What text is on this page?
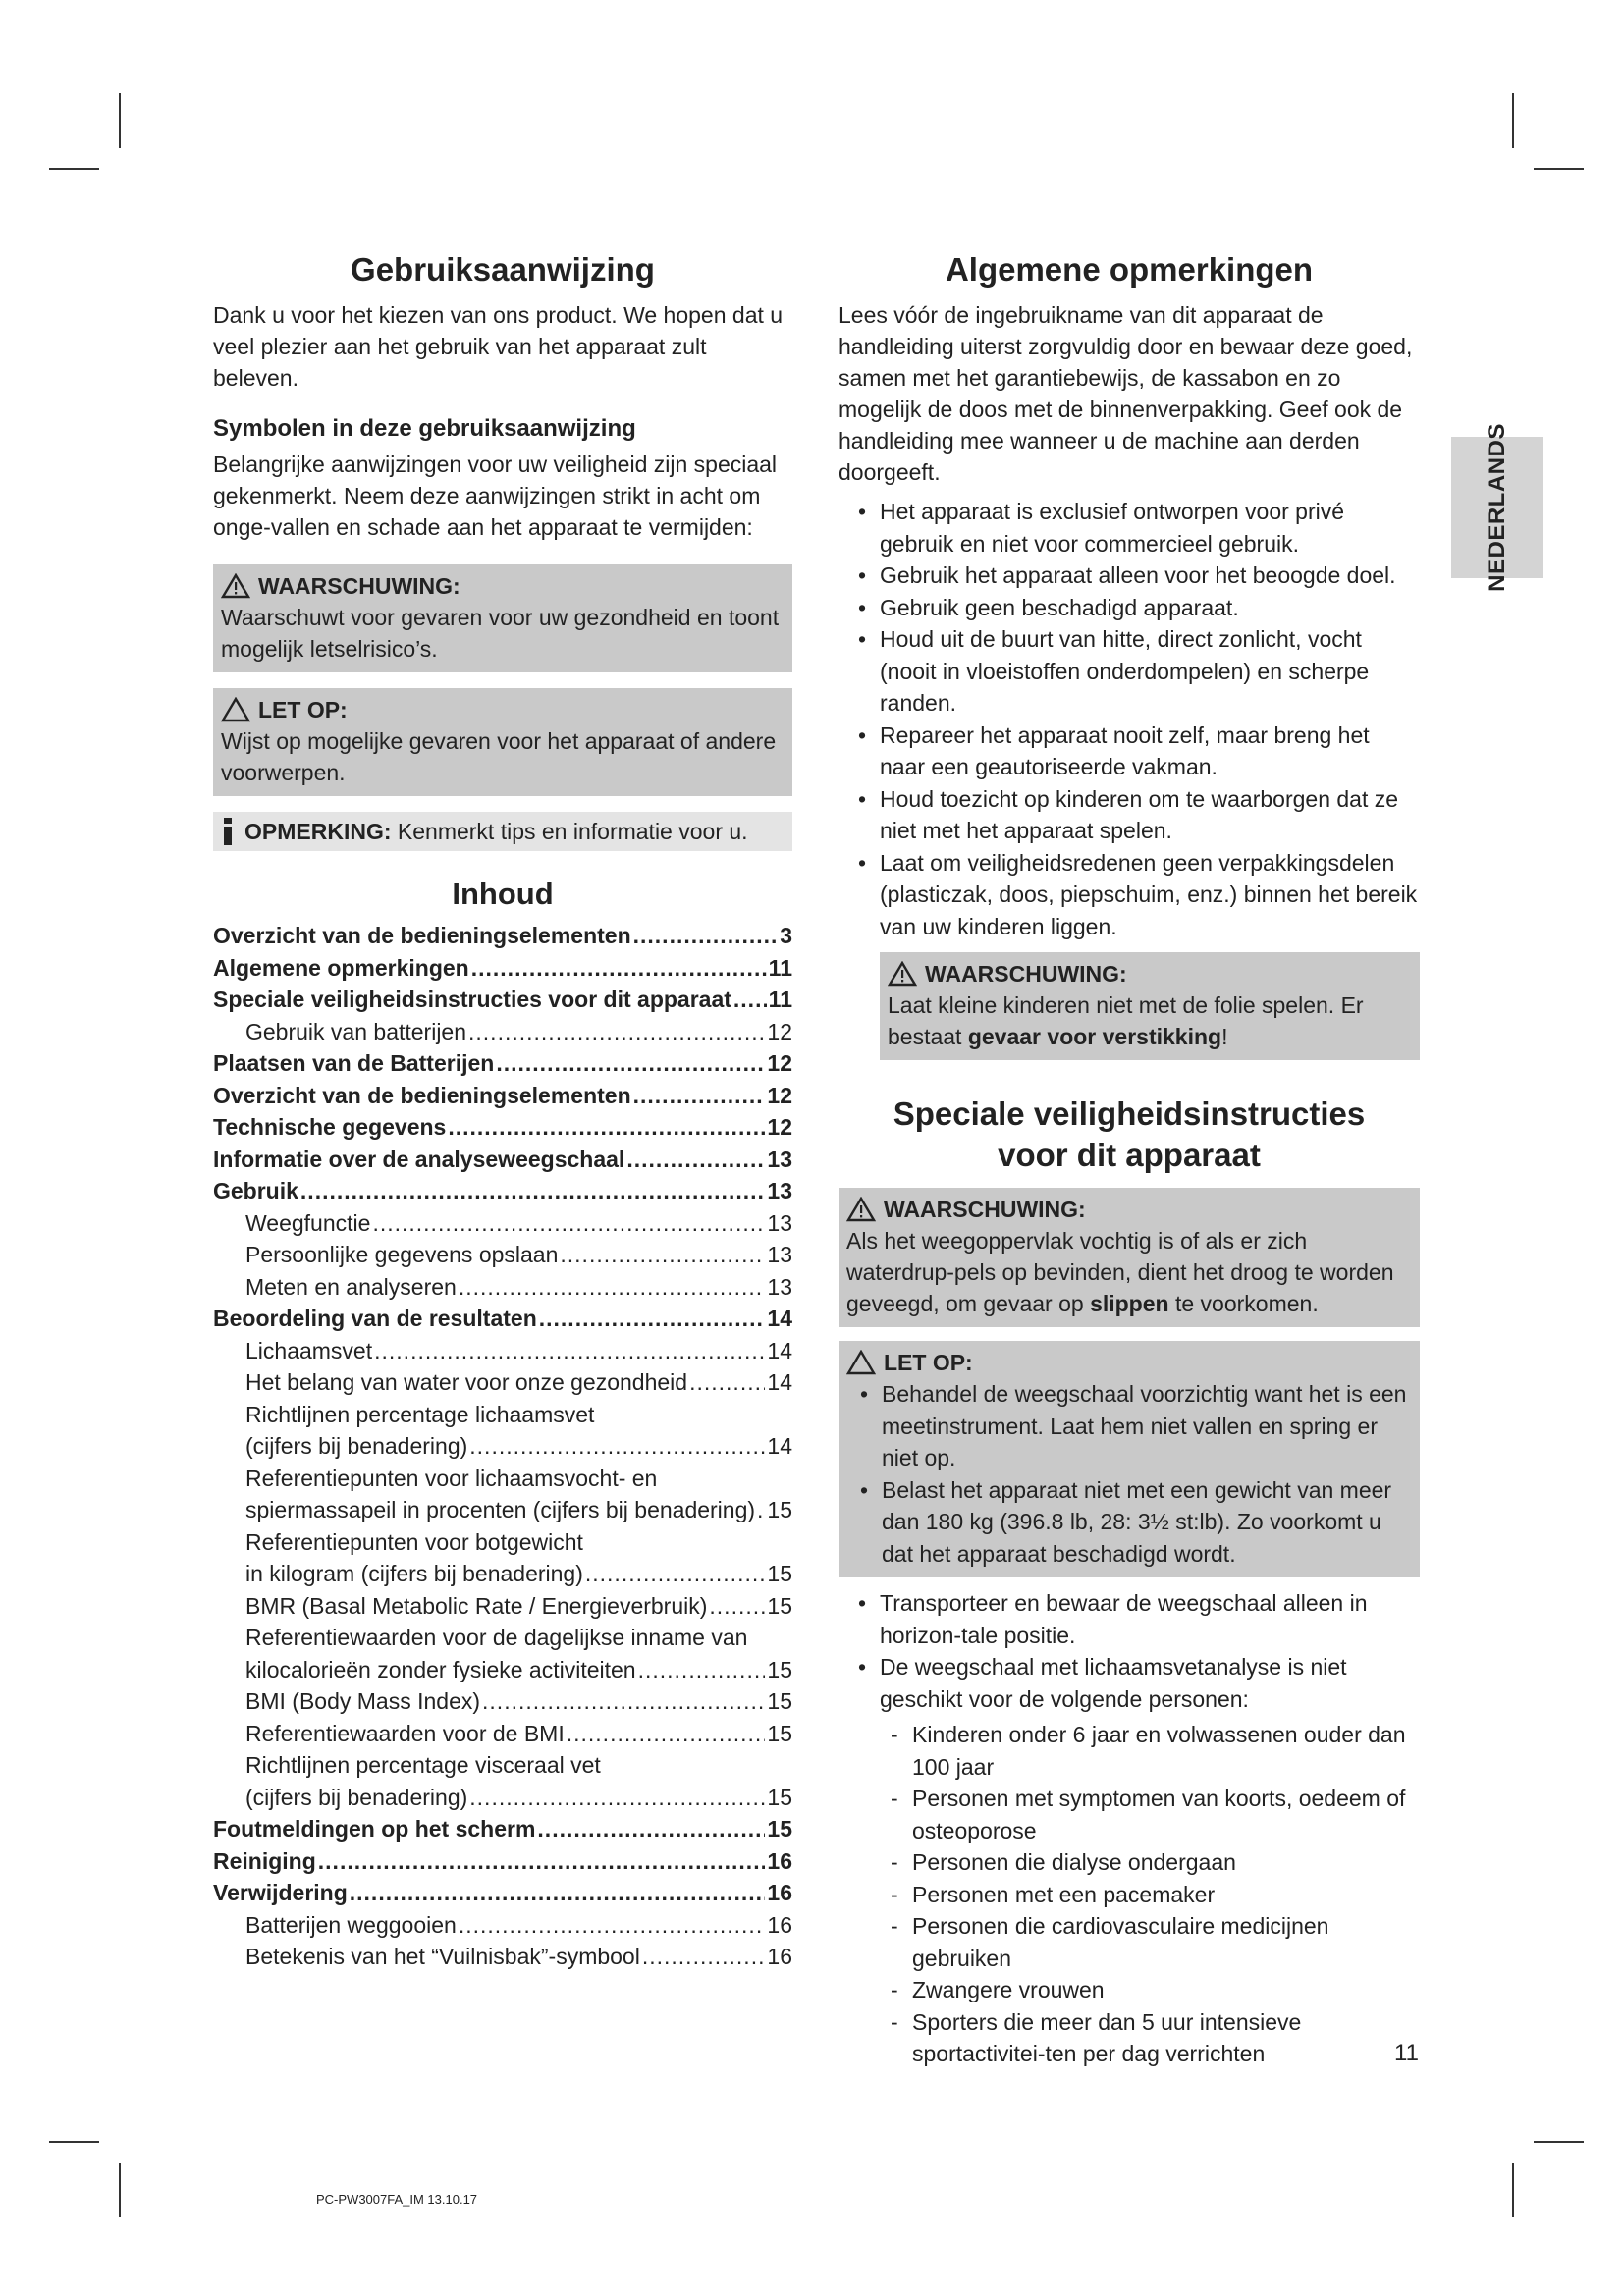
Gebruiksaanwijzing

Dank u voor het kiezen van ons product. We hopen dat u veel plezier aan het gebruik van het apparaat zult beleven.

Symbolen in deze gebruiksaanwijzing

Belangrijke aanwijzingen voor uw veiligheid zijn speciaal gekenmerkt. Neem deze aanwijzingen strikt in acht om onge-vallen en schade aan het apparaat te vermijden:

WAARSCHUWING:

Waarschuwt voor gevaren voor uw gezondheid en toont mogelijk letselrisico’s.

LET OP:

Wijst op mogelijke gevaren voor het apparaat of andere voorwerpen.

OPMERKING: Kenmerkt tips en informatie voor u.
Inhoud
Overzicht van de bedieningselementen .....	3
Algemene opmerkingen .....	11
Speciale veiligheidsinstructies voor dit apparaat ..... 11
Gebruik van batterijen .....	12
Plaatsen van de Batterijen .....	12
Overzicht van de bedieningselementen .....	12
Technische gegevens .....	12
Informatie over de analyseweegschaal .....	13
Gebruik .....	13
Weegfunctie .....	13
Persoonlijke gegevens opslaan .....	13
Meten en analyseren .....	13
Beoordeling van de resultaten .....	14
Lichaamsvet .....	14
Het belang van water voor onze gezondheid .....	14
Richtlijnen percentage lichaamsvet
(cijfers bij benadering) .....	14
Referentiepunten voor lichaamsvocht- en
spiermassapeil in procenten (cijfers bij benadering) ..... 15
Referentiepunten voor botgewicht
in kilogram (cijfers bij benadering) .....	15
BMR (Basal Metabolic Rate / Energieverbruik) .....	15
Referentiewaarden voor de dagelijkse inname van
kilocalorieën zonder fysieke activiteiten .....	15
BMI (Body Mass Index) .....	15
Referentiewaarden voor de BMI .....	15
Richtlijnen percentage visceraal vet
(cijfers bij benadering) .....	15
Foutmeldingen op het scherm .....	15
Reiniging .....	16
Verwijdering .....	16
Batterijen weggooien .....	16
Betekenis van het “Vuilnisbak”-symbool .....	16
Algemene opmerkingen

Lees vóór de ingebruikname van dit apparaat de handleiding uiterst zorgvuldig door en bewaar deze goed, samen met het garantiebewijs, de kassabon en zo mogelijk de doos met de binnenverpakking. Geef ook de handleiding mee wanneer u de machine aan derden doorgeeft.

• Het apparaat is exclusief ontworpen voor privé gebruik en niet voor commercieel gebruik.
• Gebruik het apparaat alleen voor het beoogde doel.
• Gebruik geen beschadigd apparaat.
• Houd uit de buurt van hitte, direct zonlicht, vocht (nooit in vloeistoffen onderdompelen) en scherpe randen.
• Repareer het apparaat nooit zelf, maar breng het naar een geautoriseerde vakman.
• Houd toezicht op kinderen om te waarborgen dat ze niet met het apparaat spelen.
• Laat om veiligheidsredenen geen verpakkingsdelen (plasticzak, doos, piepschuim, enz.) binnen het bereik van uw kinderen liggen.
WAARSCHUWING:

Laat kleine kinderen niet met de folie spelen. Er bestaat gevaar voor verstikking!

Speciale veiligheidsinstructies
voor dit apparaat
WAARSCHUWING:

Als het weegoppervlak vochtig is of als er zich waterdrup-pels op bevinden, dient het droog te worden geveegd, om gevaar op slippen te voorkomen.

LET OP:
• Behandel de weegschaal voorzichtig want het is een meetinstrument. Laat hem niet vallen en spring er niet op.
• Belast het apparaat niet met een gewicht van meer dan 180 kg (396.8 lb, 28: 3½ st:lb). Zo voorkomt u dat het apparaat beschadigd wordt.
• Transporteer en bewaar de weegschaal alleen in horizon-tale positie.
• De weegschaal met lichaamsvetanalyse is niet geschikt voor de volgende personen:
- Kinderen onder 6 jaar en volwassenen ouder dan 100 jaar
- Personen met symptomen van koorts, oedeem of osteoporose
- Personen die dialyse ondergaan
- Personen met een pacemaker
- Personen die cardiovasculaire medicijnen gebruiken
- Zwangere vrouwen
- Sporters die meer dan 5 uur intensieve sportactivitei-ten per dag verrichten
NEDERLANDS
11
PC-PW3007FA_IM 13.10.17
